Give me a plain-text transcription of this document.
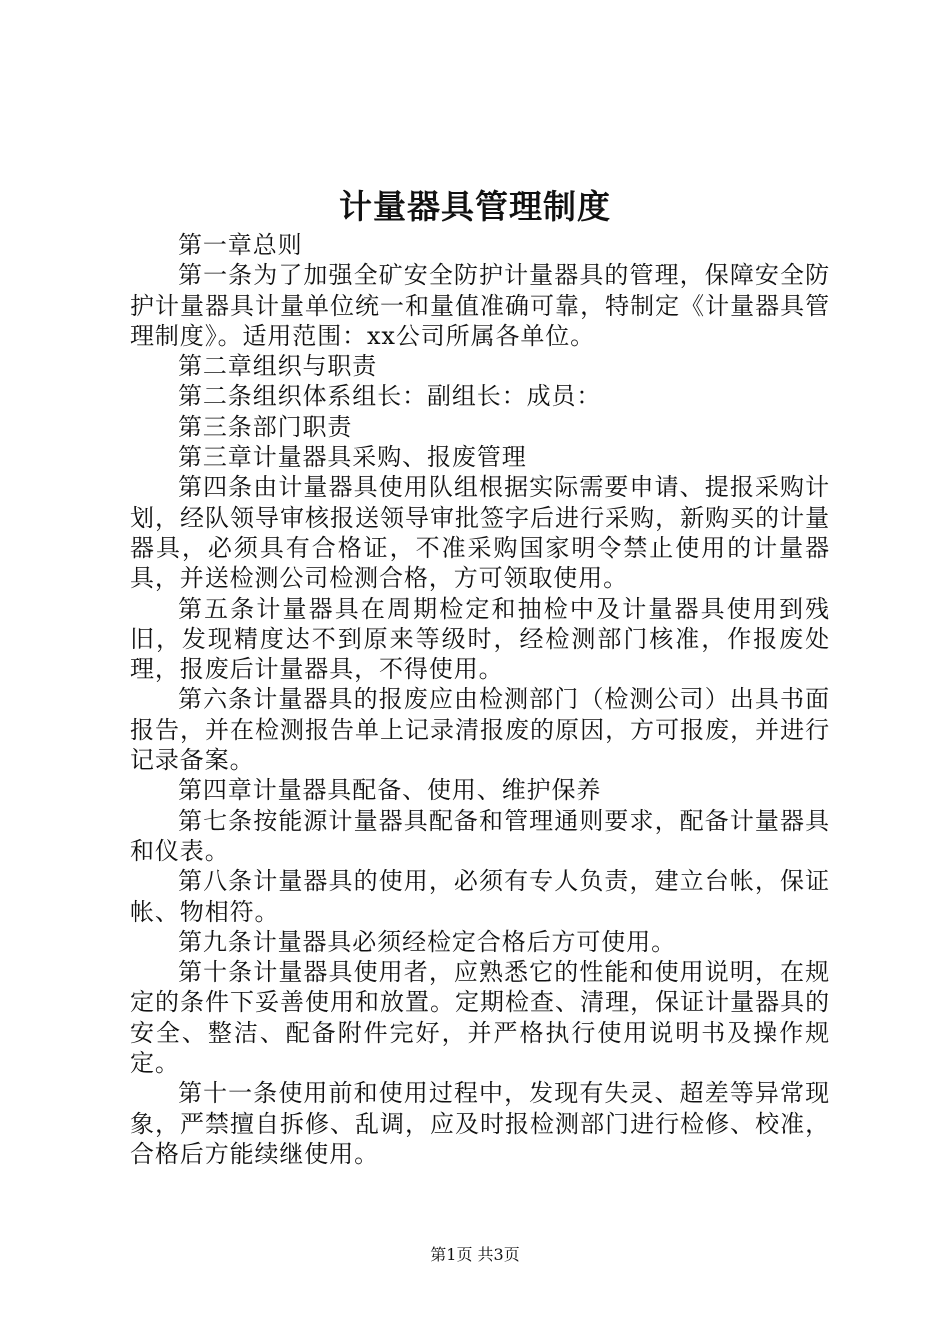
计量器具管理制度

第一章总则

第一条为了加强全矿安全防护计量器具的管理，保障安全防护计量器具计量单位统一和量值准确可靠，特制定《计量器具管理制度》。适用范围：xx公司所属各单位。

第二章组织与职责

第二条组织体系组长：副组长：成员：

第三条部门职责

第三章计量器具采购、报废管理

第四条由计量器具使用队组根据实际需要申请、提报采购计划，经队领导审核报送领导审批签字后进行采购，新购买的计量器具，必须具有合格证，不准采购国家明令禁止使用的计量器具，并送检测公司检测合格，方可领取使用。

第五条计量器具在周期检定和抽检中及计量器具使用到残旧，发现精度达不到原来等级时，经检测部门核准，作报废处理，报废后计量器具，不得使用。

第六条计量器具的报废应由检测部门（检测公司）出具书面报告，并在检测报告单上记录清报废的原因，方可报废，并进行记录备案。

第四章计量器具配备、使用、维护保养

第七条按能源计量器具配备和管理通则要求，配备计量器具和仪表。

第八条计量器具的使用，必须有专人负责，建立台帐，保证帐、物相符。

第九条计量器具必须经检定合格后方可使用。

第十条计量器具使用者，应熟悉它的性能和使用说明，在规定的条件下妥善使用和放置。定期检查、清理，保证计量器具的安全、整洁、配备附件完好，并严格执行使用说明书及操作规定。

第十一条使用前和使用过程中，发现有失灵、超差等异常现象，严禁擅自拆修、乱调，应及时报检测部门进行检修、校准，合格后方能续继使用。

第1页 共3页
